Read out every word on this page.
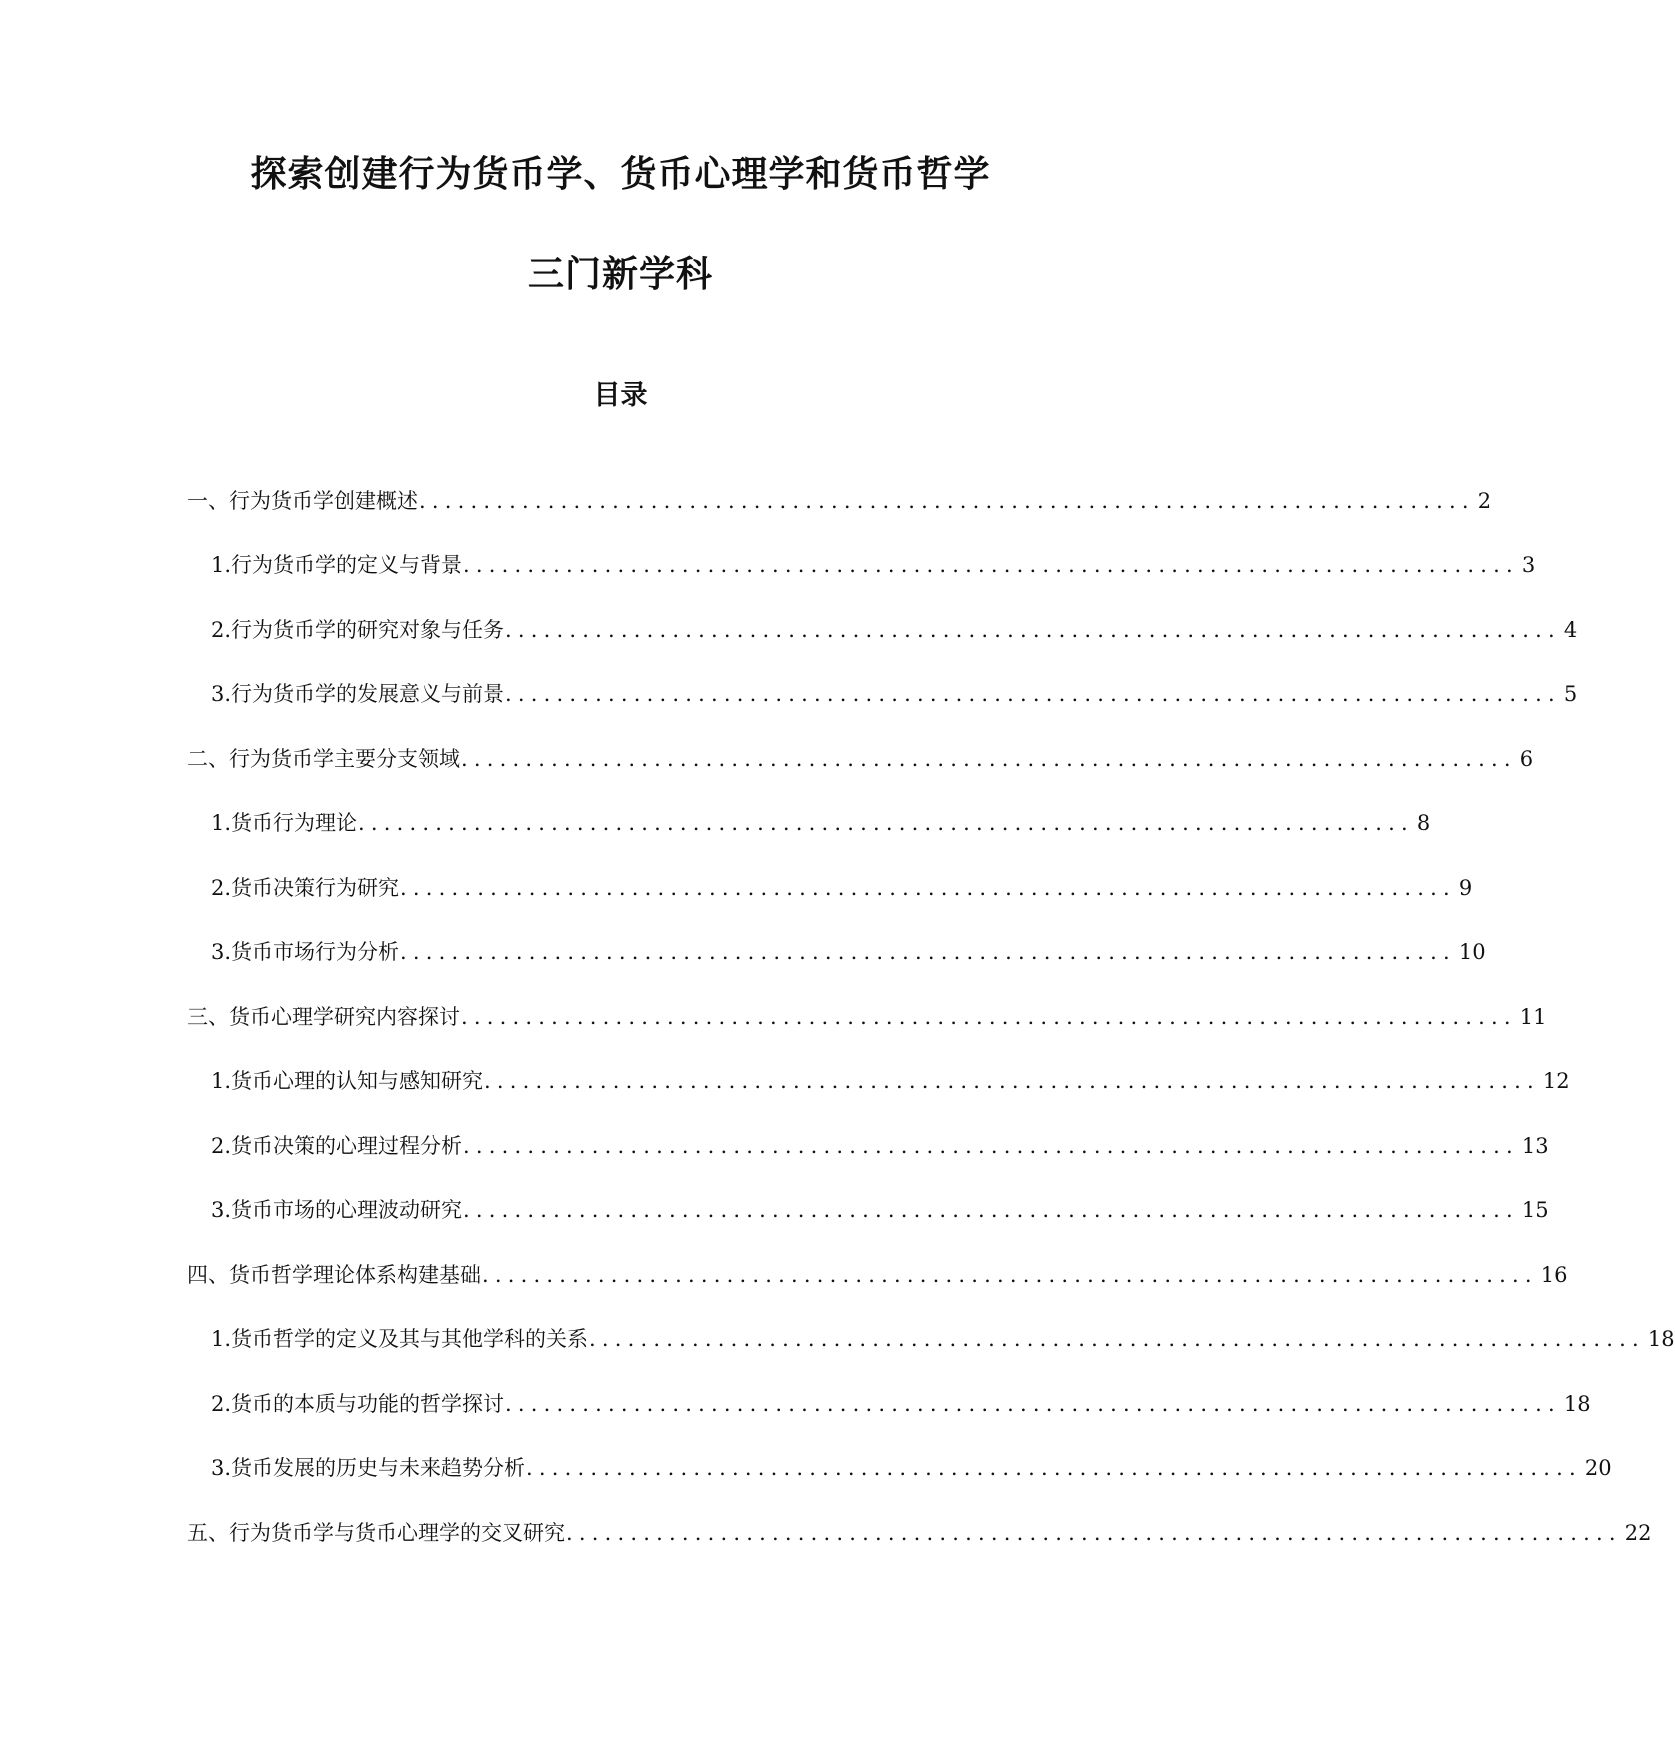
探索创建行为货币学、货币心理学和货币哲学
三门新学科
目录
一、行为货币学创建概述 .................................................................................. 2
1. 行为货币学的定义与背景 .................................................................................. 3
2. 行为货币学的研究对象与任务 .................................................................................. 4
3. 行为货币学的发展意义与前景 .................................................................................. 5
二、行为货币学主要分支领域 .................................................................................. 6
1. 货币行为理论 .................................................................................. 8
2. 货币决策行为研究 .................................................................................. 9
3. 货币市场行为分析 .................................................................................. 10
三、货币心理学研究内容探讨 .................................................................................. 11
1. 货币心理的认知与感知研究 .................................................................................. 12
2. 货币决策的心理过程分析 .................................................................................. 13
3. 货币市场的心理波动研究 .................................................................................. 15
四、货币哲学理论体系构建基础 .................................................................................. 16
1. 货币哲学的定义及其与其他学科的关系 .................................................................................. 18
2. 货币的本质与功能的哲学探讨 .................................................................................. 18
3. 货币发展的历史与未来趋势分析 .................................................................................. 20
五、行为货币学与货币心理学的交叉研究 .................................................................................. 22
